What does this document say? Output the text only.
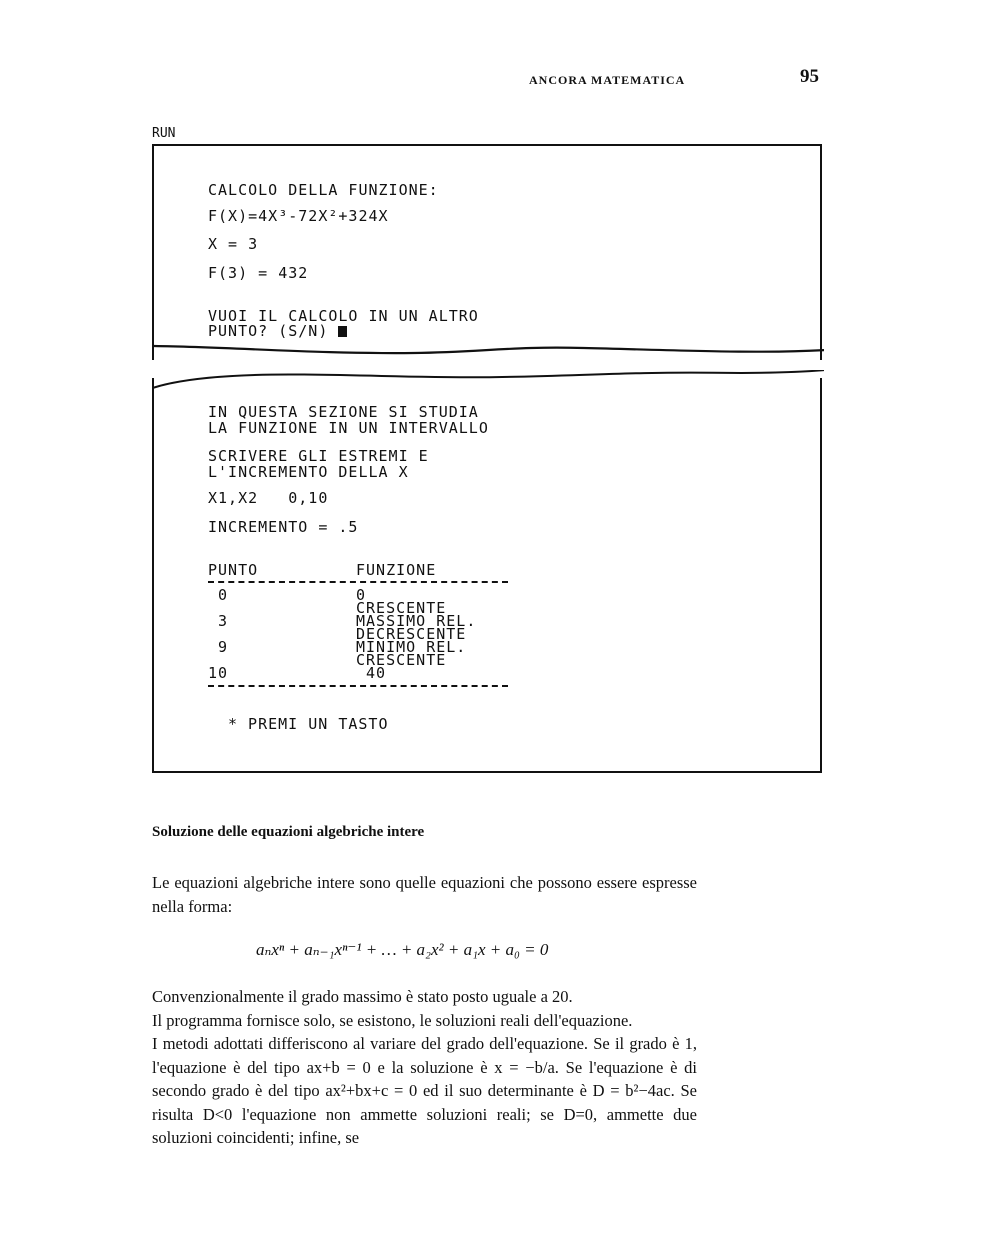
ANCORA MATEMATICA	95
RUN
CALCOLO DELLA FUNZIONE:
F(X)=4X³-72X²+324X
X = 3
F(3) = 432
VUOI IL CALCOLO IN UN ALTRO
PUNTO? (S/N)
IN QUESTA SEZIONE SI STUDIA
LA FUNZIONE IN UN INTERVALLO
SCRIVERE GLI ESTREMI E
L'INCREMENTO DELLA X
X1,X2 0,10
INCREMENTO = .5
PUNTO	FUNZIONE
0	0
CRESCENTE
3	MASSIMO REL.
DECRESCENTE
9	MINIMO REL.
CRESCENTE
10	40
* PREMI UN TASTO
Soluzione delle equazioni algebriche intere
Le equazioni algebriche intere sono quelle equazioni che possono essere espresse nella forma:
aₙxⁿ + aₙ₋₁xⁿ⁻¹ + … + a₂x² + a₁x + a₀ = 0
Convenzionalmente il grado massimo è stato posto uguale a 20.
Il programma fornisce solo, se esistono, le soluzioni reali dell'equazione.
I metodi adottati differiscono al variare del grado dell'equazione. Se il grado è 1, l'equazione è del tipo ax+b = 0 e la soluzione è x = −b/a. Se l'equazione è di secondo grado è del tipo ax²+bx+c = 0 ed il suo determinante è D = b²−4ac. Se risulta D<0 l'equazione non ammette soluzioni reali; se D=0, ammette due soluzioni coincidenti; infine, se
